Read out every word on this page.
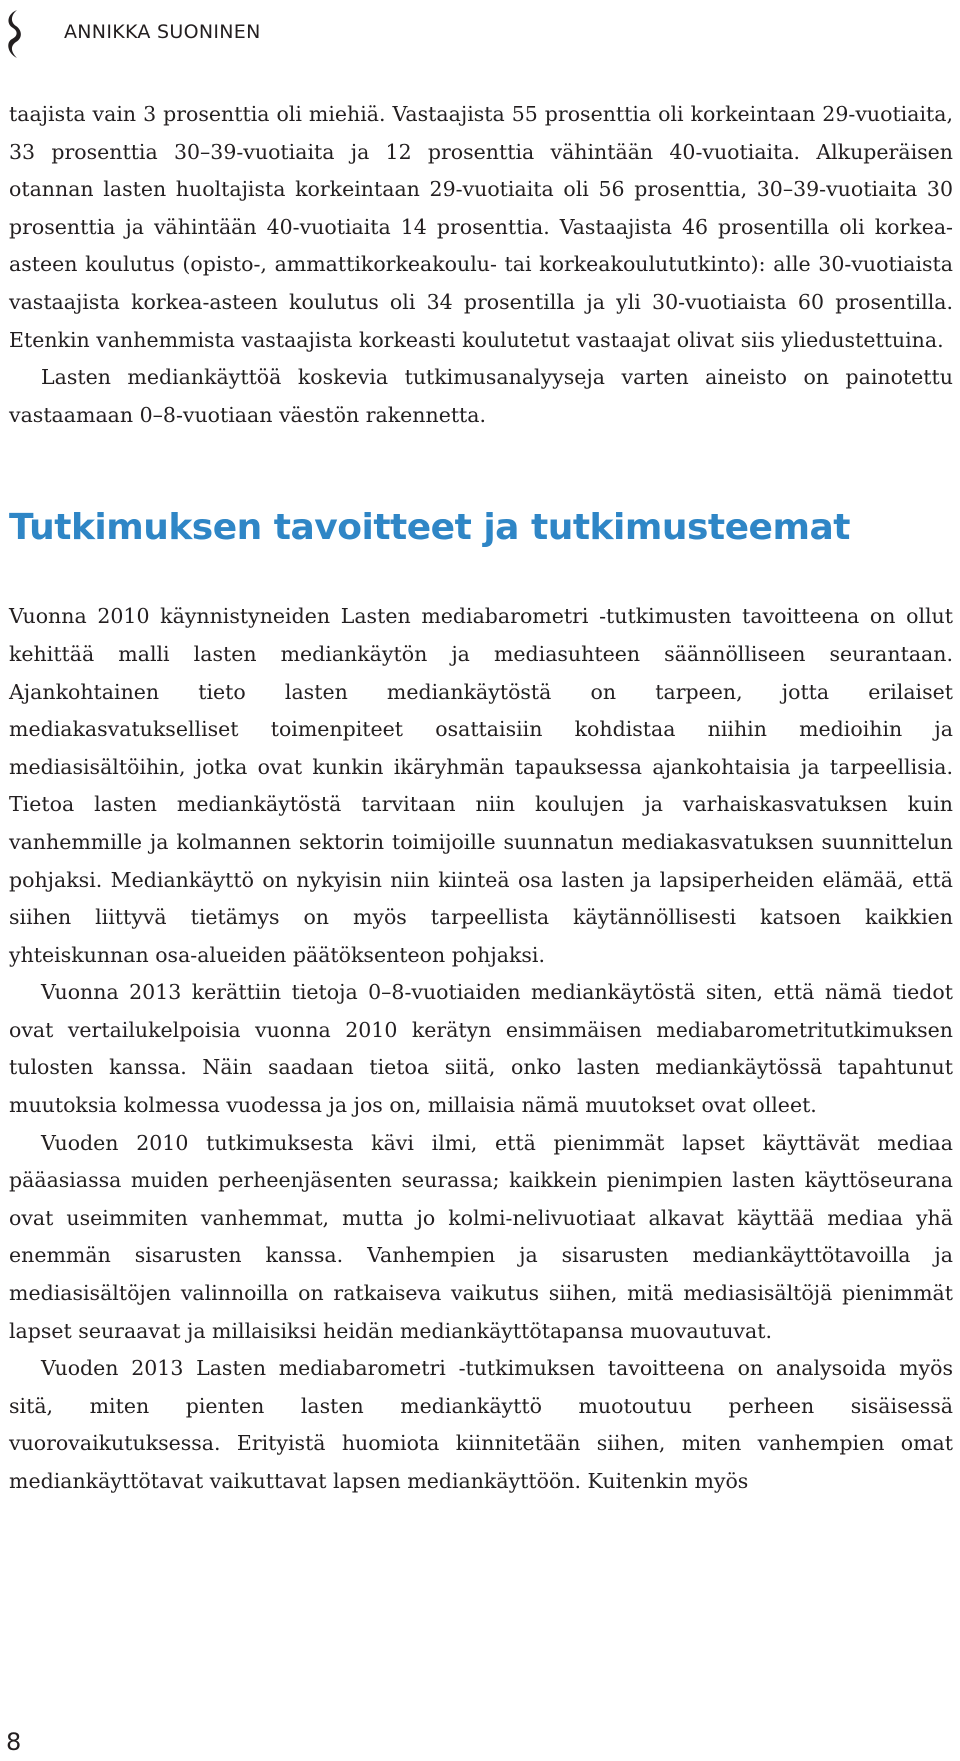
ANNIKKA SUONINEN

taajista vain 3 prosenttia oli miehiä. Vastaajista 55 prosenttia oli korkeintaan 29-vuotiaita, 33 prosenttia 30–39-vuotiaita ja 12 prosenttia vähintään 40-vuotiaita. Alkuperäisen otannan lasten huoltajista korkeintaan 29-vuotiaita oli 56 prosenttia, 30–39-vuotiaita 30 prosenttia ja vähintään 40-vuotiaita 14 prosenttia. Vastaajista 46 prosentilla oli korkea-asteen koulutus (opisto-, ammattikorkeakoulu- tai korkeakoulututkinto): alle 30-vuotiaista vastaajista korkea-asteen koulutus oli 34 prosentilla ja yli 30-vuotiaista 60 prosentilla. Etenkin vanhemmista vastaajista korkeasti koulutetut vastaajat olivat siis yliedustettuina.

Lasten mediankäyttöä koskevia tutkimusanalyyseja varten aineisto on painotettu vastaamaan 0–8-vuotiaan väestön rakennetta.

Tutkimuksen tavoitteet ja tutkimusteemat

Vuonna 2010 käynnistyneiden Lasten mediabarometri -tutkimusten tavoitteena on ollut kehittää malli lasten mediankäytön ja mediasuhteen säännölliseen seurantaan. Ajankohtainen tieto lasten mediankäytöstä on tarpeen, jotta erilaiset mediakasvatukselliset toimenpiteet osattaisiin kohdistaa niihin medioihin ja mediasisältöihin, jotka ovat kunkin ikäryhmän tapauksessa ajankohtaisia ja tarpeellisia. Tietoa lasten mediankäytöstä tarvitaan niin koulujen ja varhaiskasvatuksen kuin vanhemmille ja kolmannen sektorin toimijoille suunnatun mediakasvatuksen suunnittelun pohjaksi. Mediankäyttö on nykyisin niin kiinteä osa lasten ja lapsiperheiden elämää, että siihen liittyvä tietämys on myös tarpeellista käytännöllisesti katsoen kaikkien yhteiskunnan osa-alueiden päätöksenteon pohjaksi.

Vuonna 2013 kerättiin tietoja 0–8-vuotiaiden mediankäytöstä siten, että nämä tiedot ovat vertailukelpoisia vuonna 2010 kerätyn ensimmäisen mediabarometritutkimuksen tulosten kanssa. Näin saadaan tietoa siitä, onko lasten mediankäytössä tapahtunut muutoksia kolmessa vuodessa ja jos on, millaisia nämä muutokset ovat olleet.

Vuoden 2010 tutkimuksesta kävi ilmi, että pienimmät lapset käyttävät mediaa pääasiassa muiden perheenjäsenten seurassa; kaikkein pienimpien lasten käyttöseurana ovat useimmiten vanhemmat, mutta jo kolmi-nelivuotiaat alkavat käyttää mediaa yhä enemmän sisarusten kanssa. Vanhempien ja sisarusten mediankäyttötavoilla ja mediasisältöjen valinnoilla on ratkaiseva vaikutus siihen, mitä mediasisältöjä pienimmät lapset seuraavat ja millaisiksi heidän mediankäyttötapansa muovautuvat.

Vuoden 2013 Lasten mediabarometri -tutkimuksen tavoitteena on analysoida myös sitä, miten pienten lasten mediankäyttö muotoutuu perheen sisäisessä vuorovaikutuksessa. Erityistä huomiota kiinnitetään siihen, miten vanhempien omat mediankäyttötavat vaikuttavat lapsen mediankäyttöön. Kuitenkin myös

8
